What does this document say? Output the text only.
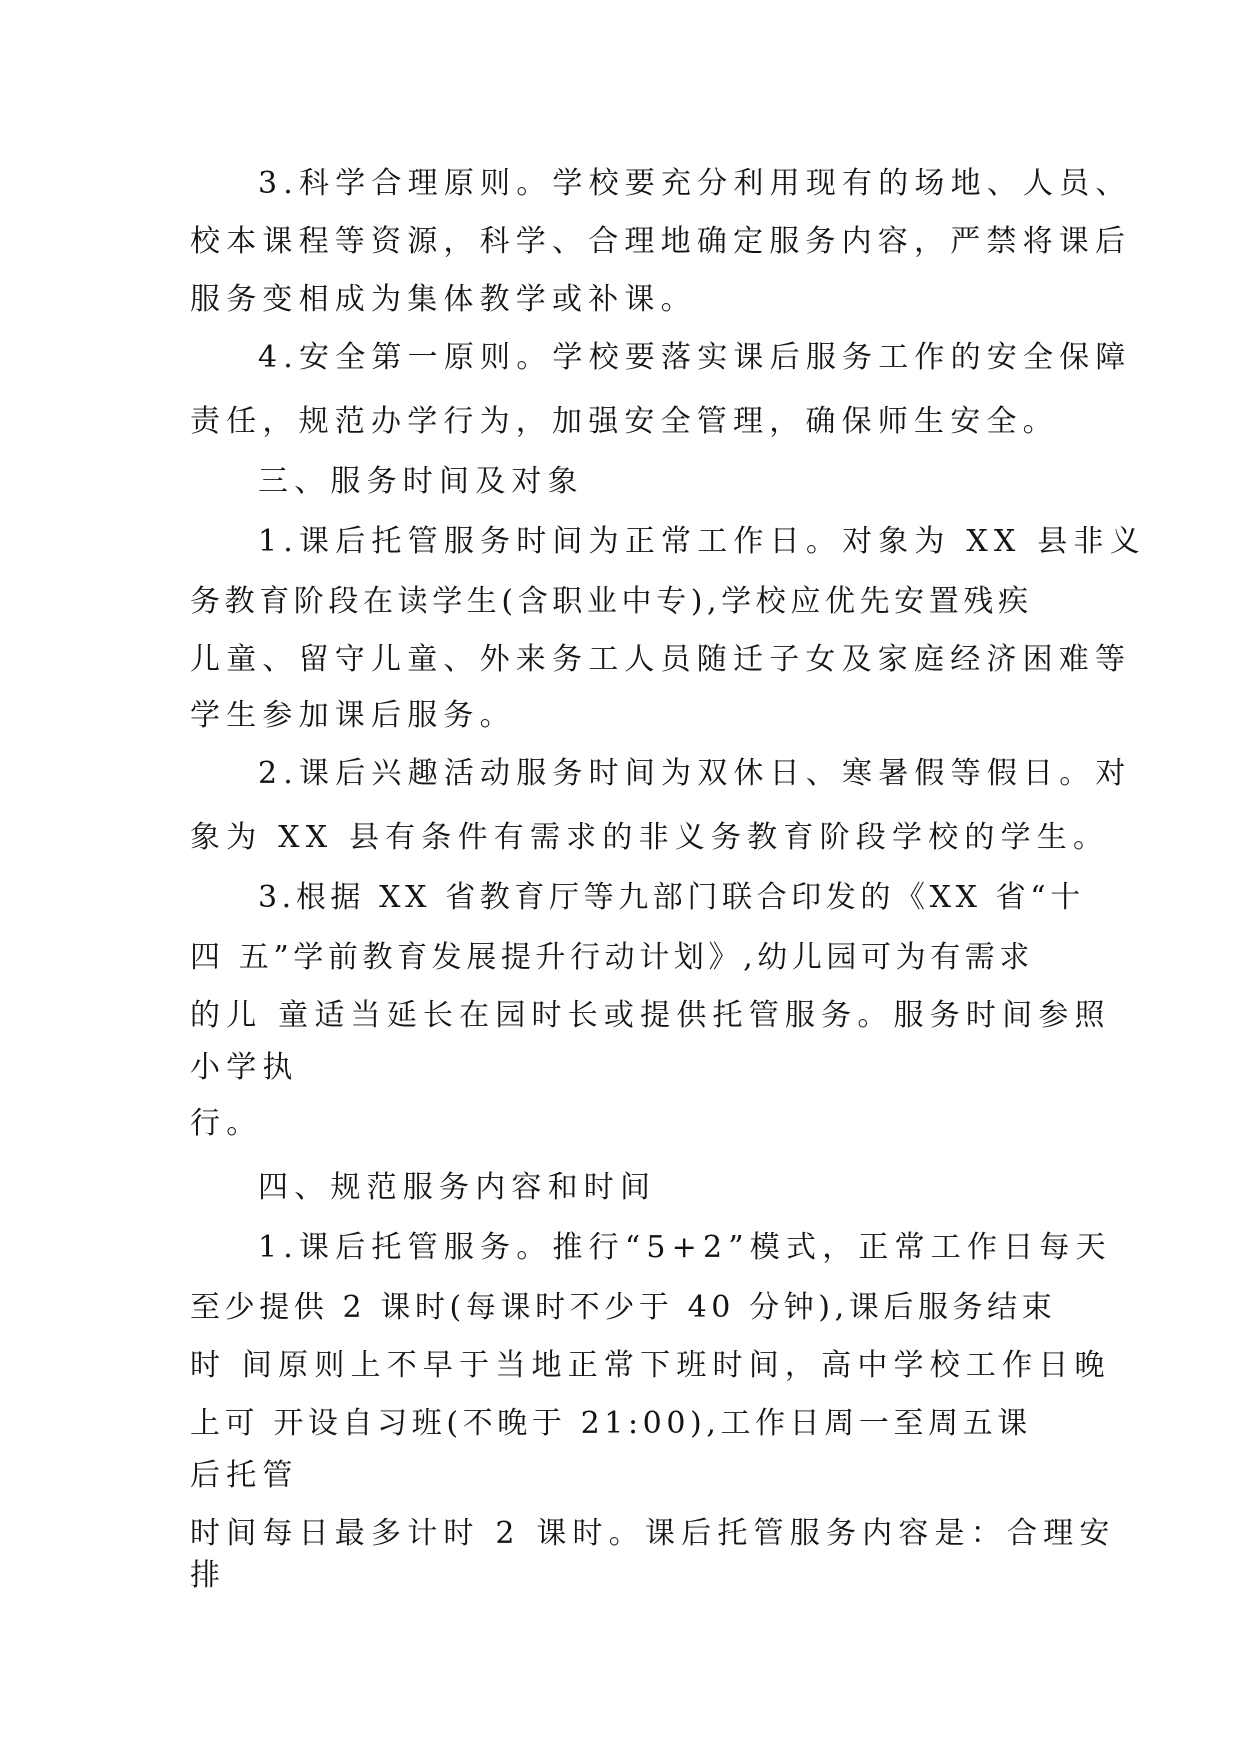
3.科学合理原则。学校要充分利用现有的场地、人员、

校本课程等资源，科学、合理地确定服务内容，严禁将课后

服务变相成为集体教学或补课。

4.安全第一原则。学校要落实课后服务工作的安全保障

责任，规范办学行为，加强安全管理，确保师生安全。

三、服务时间及对象

1.课后托管服务时间为正常工作日。对象为 XX 县非义

务教育阶段在读学生(含职业中专),学校应优先安置残疾

儿童、留守儿童、外来务工人员随迁子女及家庭经济困难等

学生参加课后服务。

2.课后兴趣活动服务时间为双休日、寒暑假等假日。对

象为 XX 县有条件有需求的非义务教育阶段学校的学生。

3.根据 XX 省教育厅等九部门联合印发的《XX 省“十

四 五”学前教育发展提升行动计划》,幼儿园可为有需求

的儿 童适当延长在园时长或提供托管服务。服务时间参照

小学执

行。

四、规范服务内容和时间

1.课后托管服务。推行“5+2”模式，正常工作日每天

至少提供 2 课时(每课时不少于 40 分钟),课后服务结束

时 间原则上不早于当地正常下班时间，高中学校工作日晚

上可 开设自习班(不晚于 21:00),工作日周一至周五课

后托管

时间每日最多计时 2 课时。课后托管服务内容是：合理安

排
